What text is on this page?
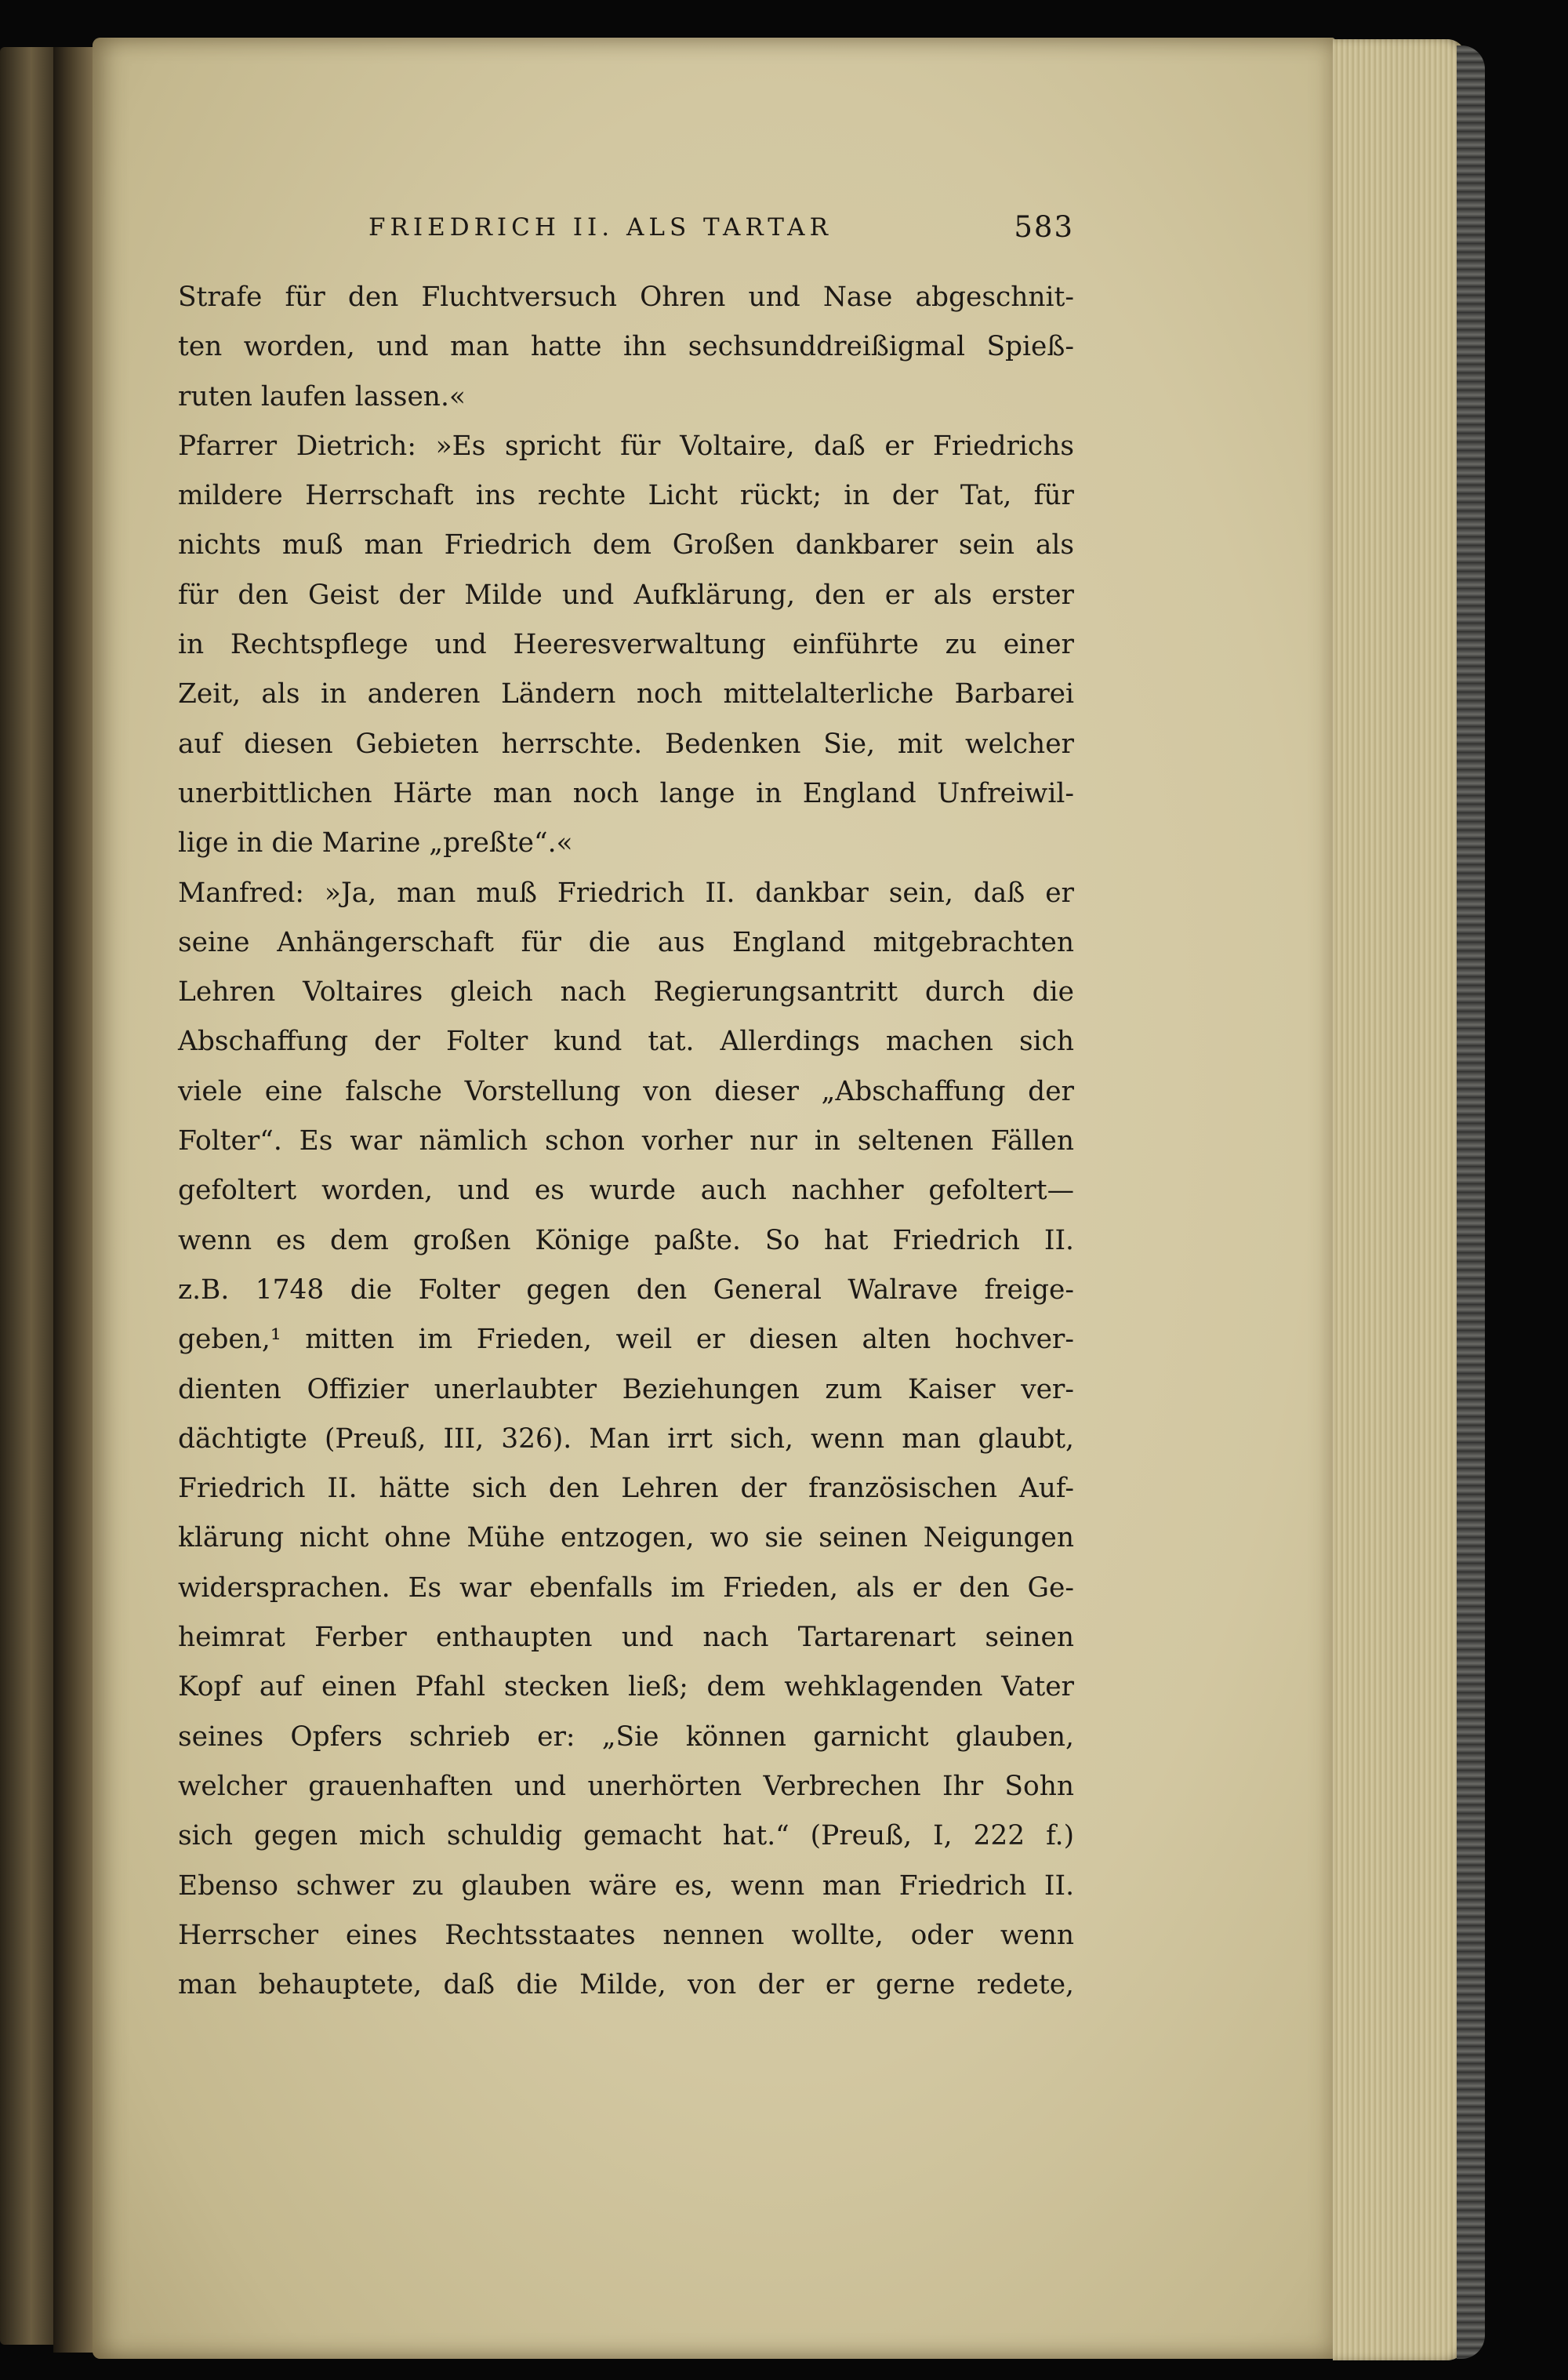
FRIEDRICH II. ALS TARTAR	583
Strafe für den Fluchtversuch Ohren und Nase abgeschnit-
ten worden, und man hatte ihn sechsunddreißigmal Spieß-
ruten laufen lassen.«
Pfarrer Dietrich: »Es spricht für Voltaire, daß er Friedrichs
mildere Herrschaft ins rechte Licht rückt; in der Tat, für
nichts muß man Friedrich dem Großen dankbarer sein als
für den Geist der Milde und Aufklärung, den er als erster
in Rechtspflege und Heeresverwaltung einführte zu einer
Zeit, als in anderen Ländern noch mittelalterliche Barbarei
auf diesen Gebieten herrschte. Bedenken Sie, mit welcher
unerbittlichen Härte man noch lange in England Unfreiwil-
lige in die Marine „preßte“.«
Manfred: »Ja, man muß Friedrich II. dankbar sein, daß er
seine Anhängerschaft für die aus England mitgebrachten
Lehren Voltaires gleich nach Regierungsantritt durch die
Abschaffung der Folter kund tat. Allerdings machen sich
viele eine falsche Vorstellung von dieser „Abschaffung der
Folter“. Es war nämlich schon vorher nur in seltenen Fällen
gefoltert worden, und es wurde auch nachher gefoltert—
wenn es dem großen Könige paßte. So hat Friedrich II.
z.B. 1748 die Folter gegen den General Walrave freige-
geben,¹ mitten im Frieden, weil er diesen alten hochver-
dienten Offizier unerlaubter Beziehungen zum Kaiser ver-
dächtigte (Preuß, III, 326). Man irrt sich, wenn man glaubt,
Friedrich II. hätte sich den Lehren der französischen Auf-
klärung nicht ohne Mühe entzogen, wo sie seinen Neigungen
widersprachen. Es war ebenfalls im Frieden, als er den Ge-
heimrat Ferber enthaupten und nach Tartarenart seinen
Kopf auf einen Pfahl stecken ließ; dem wehklagenden Vater
seines Opfers schrieb er: „Sie können garnicht glauben,
welcher grauenhaften und unerhörten Verbrechen Ihr Sohn
sich gegen mich schuldig gemacht hat.“ (Preuß, I, 222 f.)
Ebenso schwer zu glauben wäre es, wenn man Friedrich II.
Herrscher eines Rechtsstaates nennen wollte, oder wenn
man behauptete, daß die Milde, von der er gerne redete,
